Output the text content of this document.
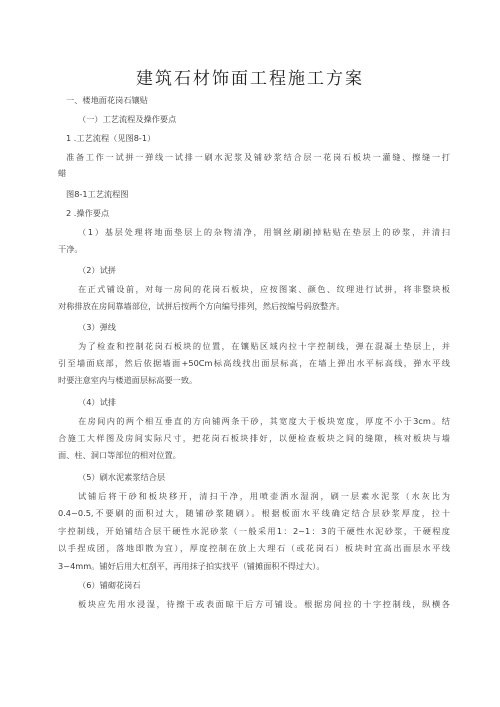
建筑石材饰面工程施工方案
一、楼地面花岗石镶贴
（一）工艺流程及操作要点
1 .工艺流程（见图8-1）
准备工作一试拼一弹线一试排一刷水泥浆及铺砂浆结合层一花岗石板块一灌缝、擦缝一打
蜡
图8-1工艺流程图
2 .操作要点
（1）基层处理将地面垫层上的杂物清净，用钢丝刷刷掉粘贴在垫层上的砂浆，并清扫
干净。
（2）试拼
在正式铺设前，对每一房间的花岗石板块，应按图案、颜色、纹理进行试拼，将非整块板
对称排放在房间靠墙部位，试拼后按两个方向编号排列，然后按编号码放整齐。
（3）弹线
为了检查和控制花岗石板块的位置，在镶贴区域内拉十字控制线，弹在混凝土垫层上，并
引至墙面底部，然后依据墙面+50Cm标高线找出面层标高，在墙上弹出水平标高线，弹水平线
时要注意室内与楼道面层标高要一致。
（4）试排
在房间内的两个相互垂直的方向铺两条干砂，其宽度大于板块宽度，厚度不小于3cm。结
合施工大样图及房间实际尺寸，把花岗石板块排好，以便检查板块之间的缝隙，核对板块与墙
面、柱、洞口等部位的相对位置。
（5）刷水泥素浆结合层
试铺后将干砂和板块移开，清扫干净，用喷壶洒水湿润，刷一层素水泥浆（水灰比为
0.4~0.5,不要刷的面积过大，随铺砂浆随刷）。根据板面水平线确定结合层砂浆厚度，拉十
字控制线，开始铺结合层干硬性水泥砂浆（一般采用1：2~1：3的干硬性水泥砂浆，干硬程度
以手捏成团，落地即散为宜），厚度控制在放上大理石（或花岗石）板块时宜高出面层水平线
3~4mm。铺好后用大杠刮平，再用抹子拍实找平（铺摊面积不得过大）。
（6）铺砌花岗石
板块应先用水浸湿，待擦干或表面晾干后方可铺设。根据房间拉的十字控制线，纵横各
